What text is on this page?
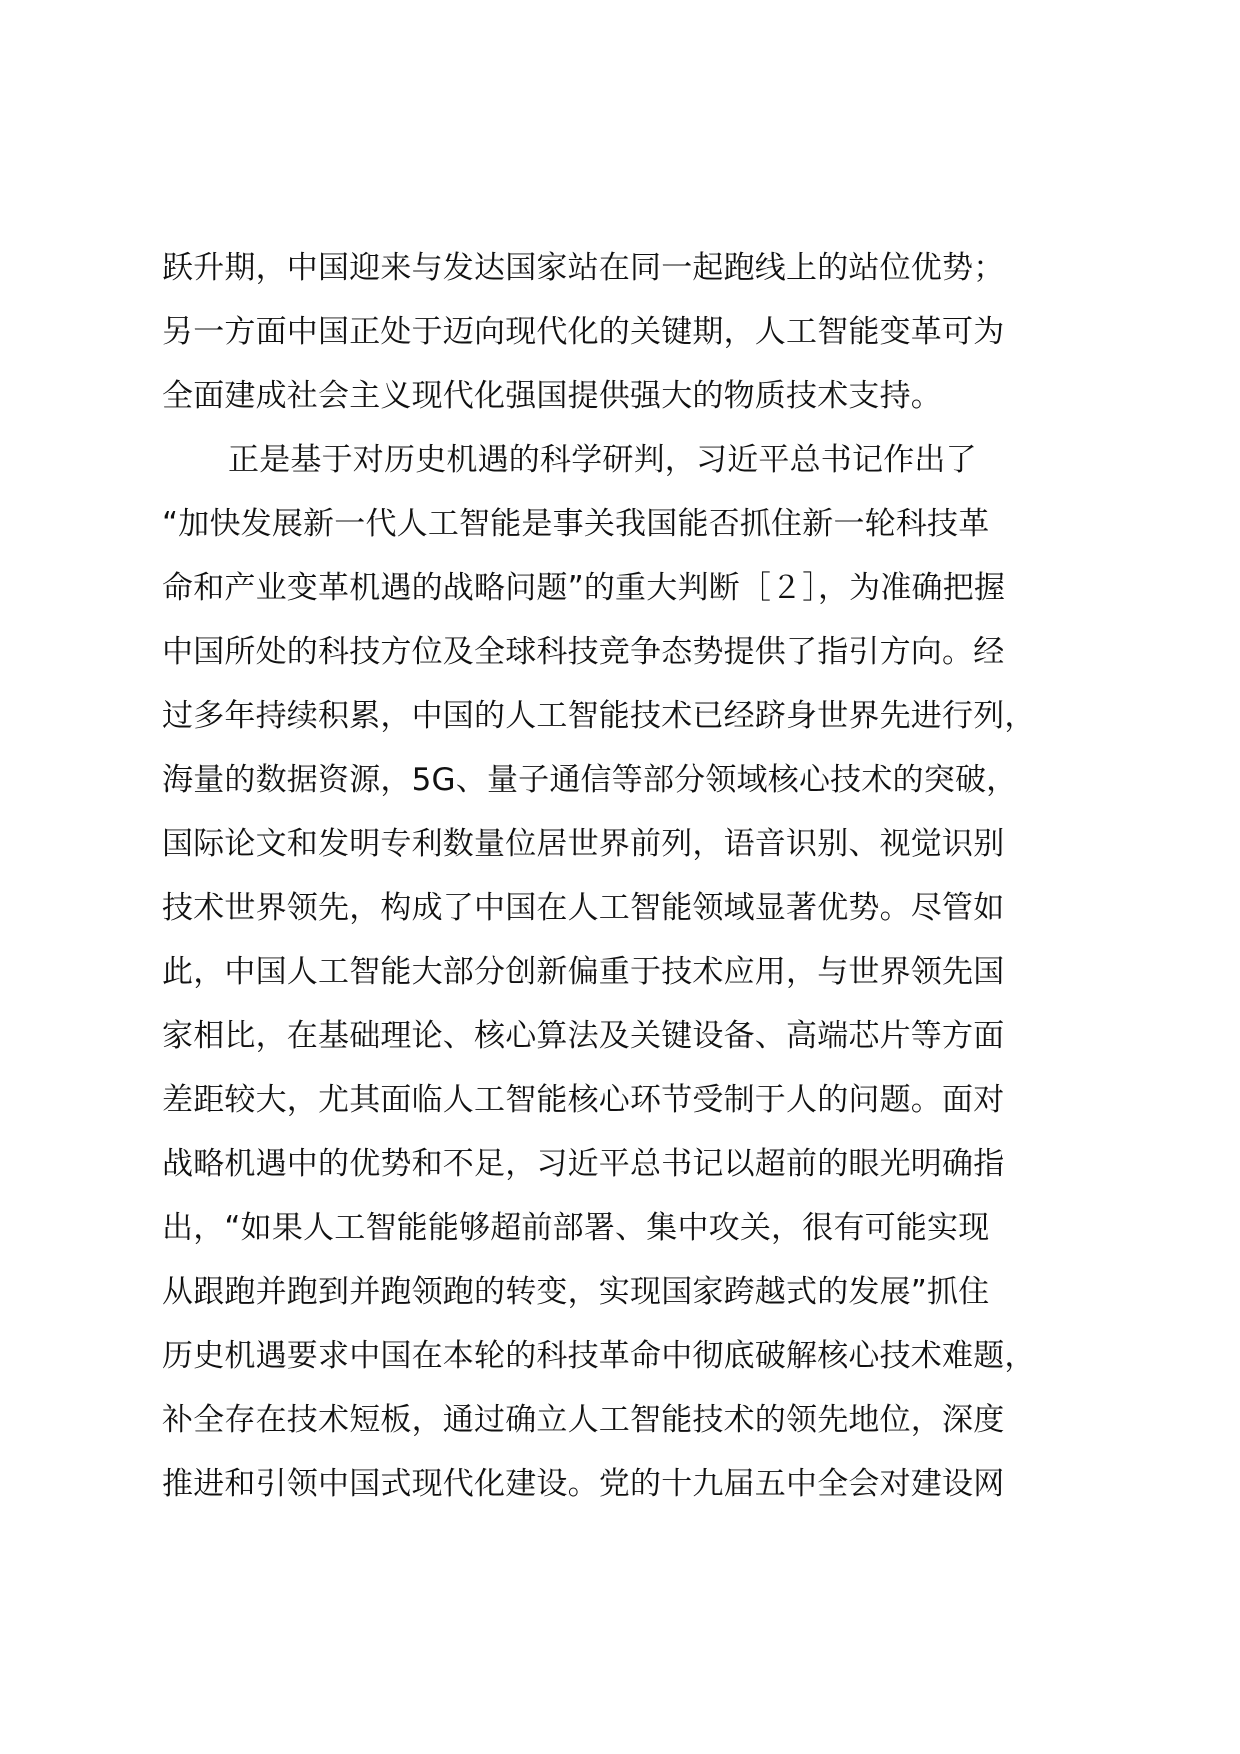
跃升期，中国迎来与发达国家站在同一起跑线上的站位优势；
另一方面中国正处于迈向现代化的关键期，人工智能变革可为
全面建成社会主义现代化强国提供强大的物质技术支持。
正是基于对历史机遇的科学研判，习近平总书记作出了
“加快发展新一代人工智能是事关我国能否抓住新一轮科技革
命和产业变革机遇的战略问题”的重大判断［２］，为准确把握
中国所处的科技方位及全球科技竞争态势提供了指引方向。经
过多年持续积累，中国的人工智能技术已经跻身世界先进行列，
海量的数据资源，5G、量子通信等部分领域核心技术的突破，
国际论文和发明专利数量位居世界前列，语音识别、视觉识别
技术世界领先，构成了中国在人工智能领域显著优势。尽管如
此，中国人工智能大部分创新偏重于技术应用，与世界领先国
家相比，在基础理论、核心算法及关键设备、高端芯片等方面
差距较大，尤其面临人工智能核心环节受制于人的问题。面对
战略机遇中的优势和不足，习近平总书记以超前的眼光明确指
出，“如果人工智能能够超前部署、集中攻关，很有可能实现
从跟跑并跑到并跑领跑的转变，实现国家跨越式的发展”抓住
历史机遇要求中国在本轮的科技革命中彻底破解核心技术难题，
补全存在技术短板，通过确立人工智能技术的领先地位，深度
推进和引领中国式现代化建设。党的十九届五中全会对建设网
